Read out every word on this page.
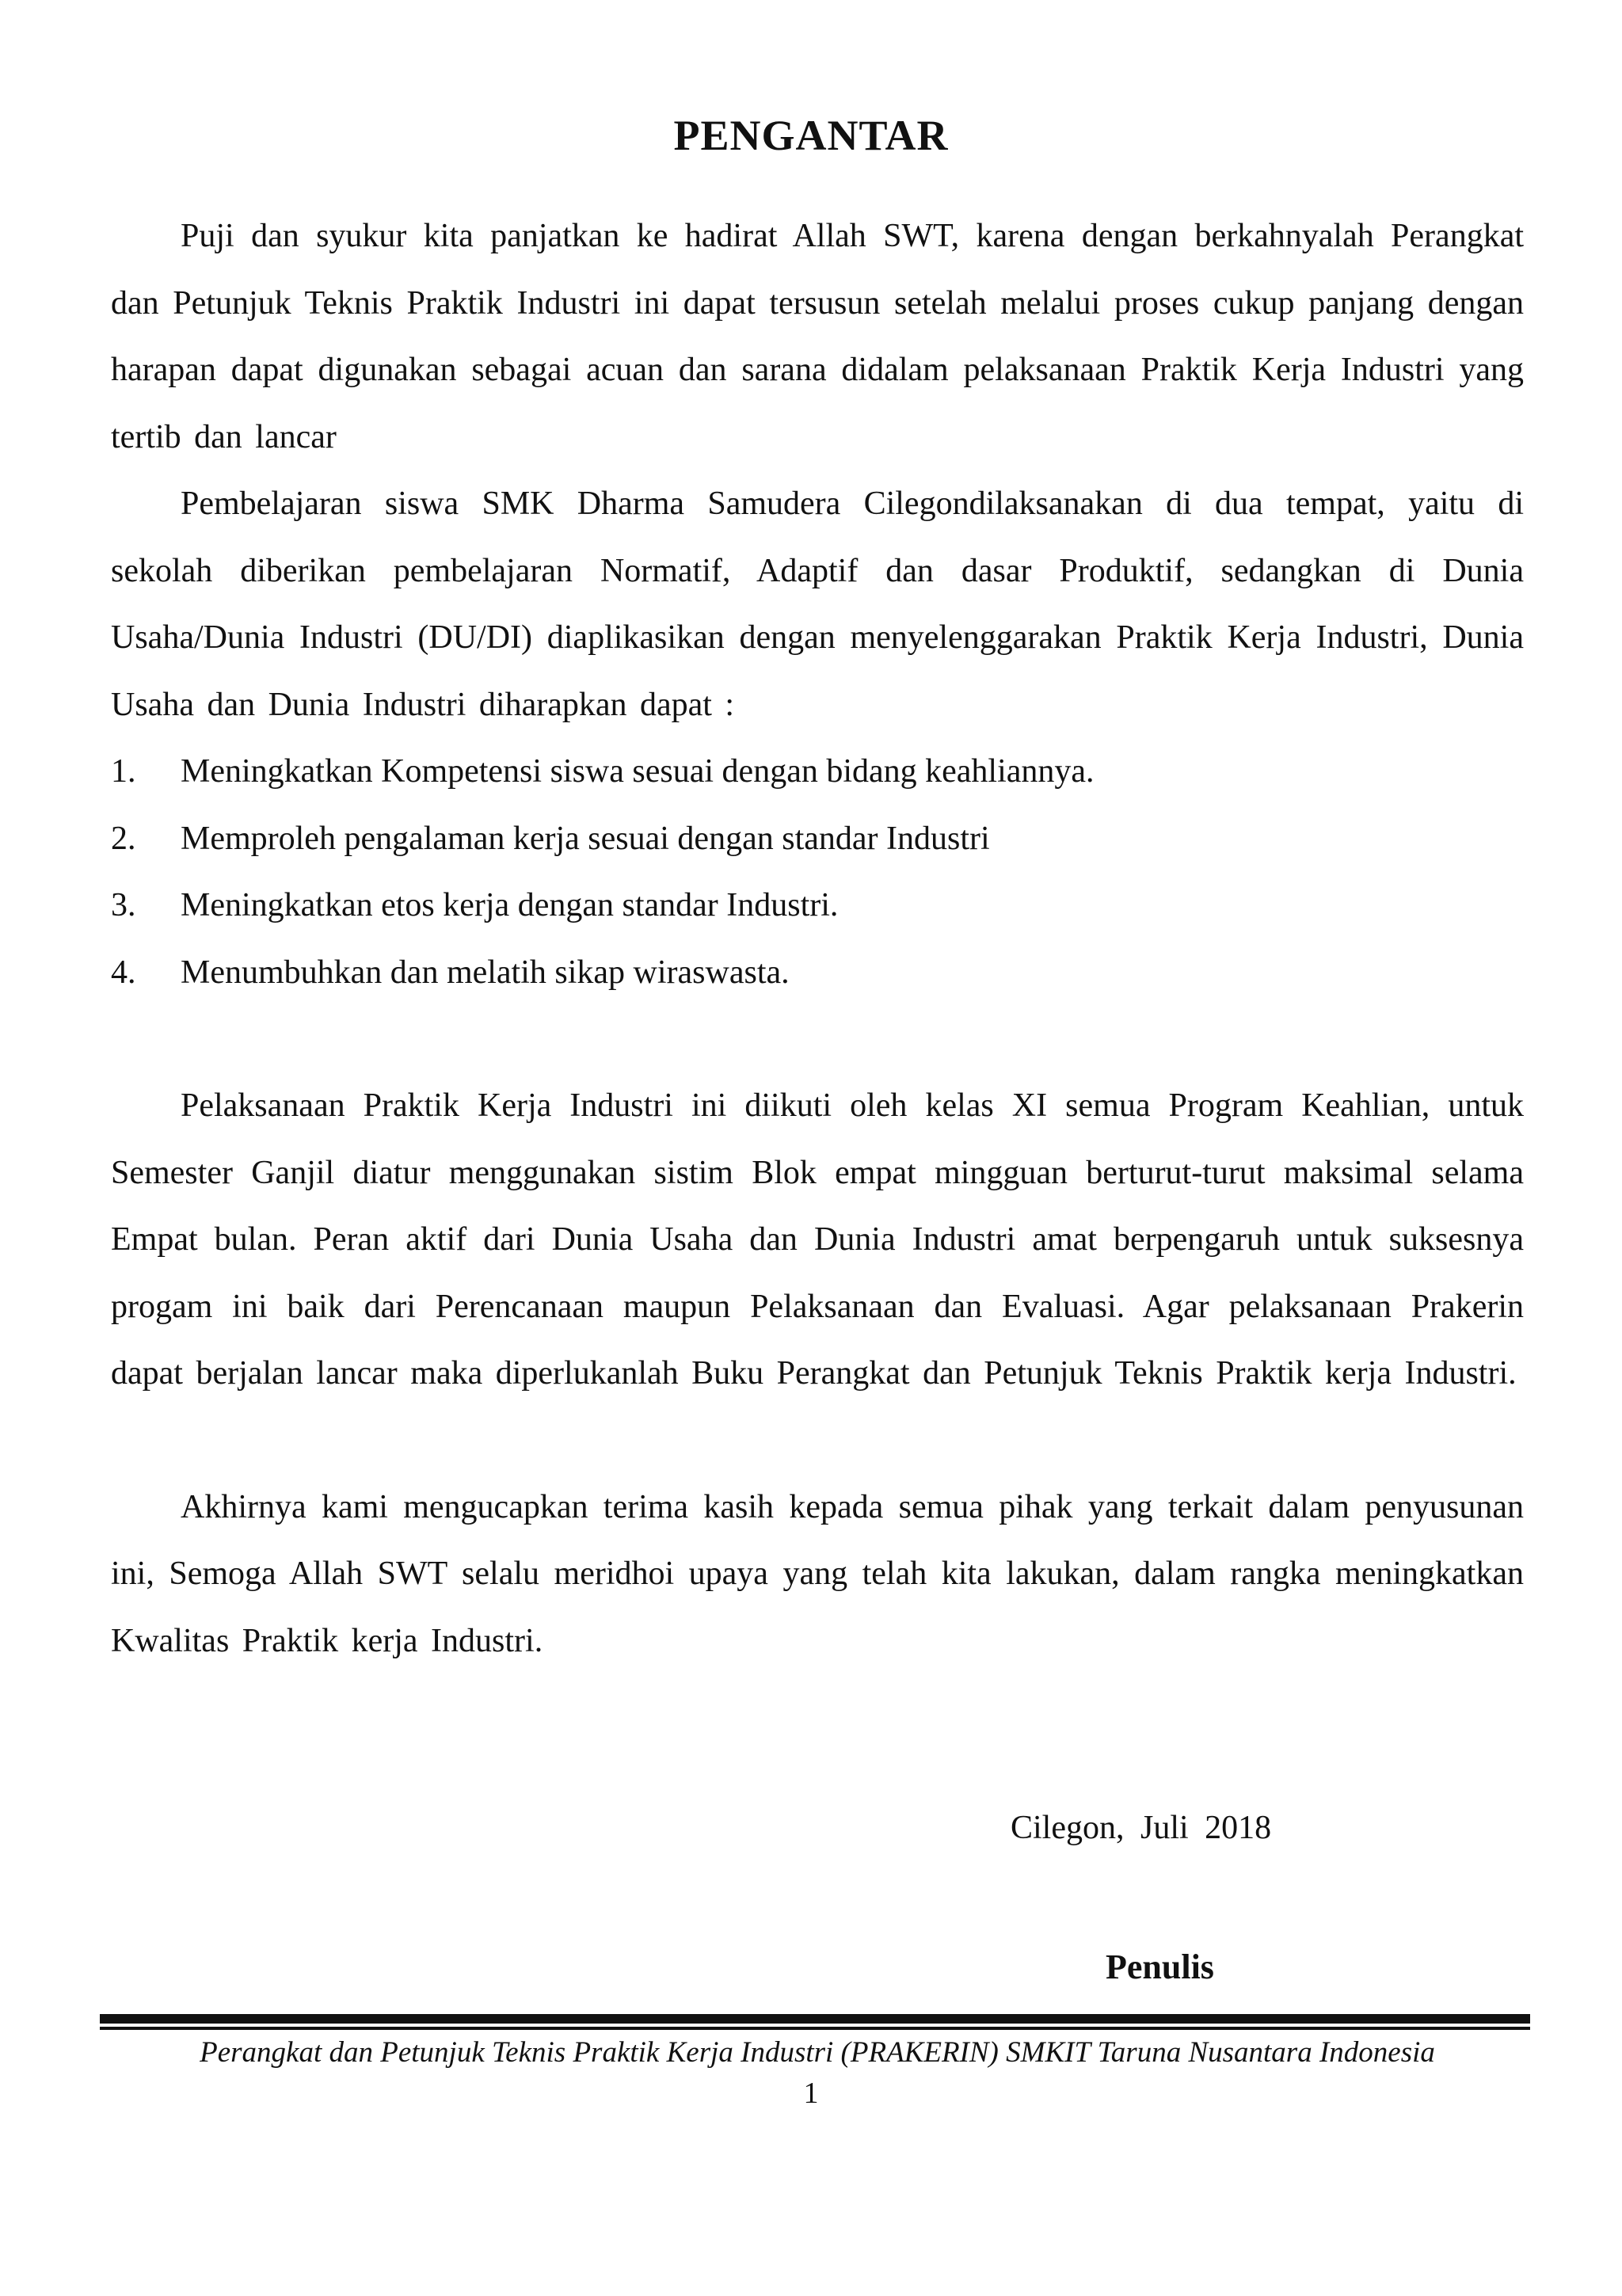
PENGANTAR

Puji dan syukur kita panjatkan ke hadirat Allah SWT, karena dengan berkahnyalah Perangkat dan Petunjuk Teknis Praktik Industri ini dapat tersusun setelah melalui proses cukup panjang dengan harapan dapat digunakan sebagai acuan dan sarana didalam pelaksanaan Praktik Kerja Industri yang tertib dan lancar

Pembelajaran siswa SMK Dharma Samudera Cilegondilaksanakan di dua tempat, yaitu di sekolah diberikan pembelajaran Normatif, Adaptif dan dasar Produktif, sedangkan di Dunia Usaha/Dunia Industri (DU/DI) diaplikasikan dengan menyelenggarakan Praktik Kerja Industri, Dunia Usaha dan Dunia Industri diharapkan dapat :

1.	Meningkatkan Kompetensi siswa sesuai dengan bidang keahliannya.
2.	Memproleh pengalaman kerja sesuai dengan standar Industri
3.	Meningkatkan etos kerja dengan standar Industri.
4.	Menumbuhkan dan melatih sikap wiraswasta.

Pelaksanaan Praktik Kerja Industri ini diikuti oleh kelas XI semua Program Keahlian, untuk Semester Ganjil diatur menggunakan sistim Blok empat mingguan berturut-turut maksimal selama Empat bulan. Peran aktif dari Dunia Usaha dan Dunia Industri amat berpengaruh untuk suksesnya progam ini baik dari Perencanaan maupun Pelaksanaan dan Evaluasi. Agar pelaksanaan Prakerin dapat berjalan lancar maka diperlukanlah Buku Perangkat dan Petunjuk Teknis Praktik kerja Industri.

Akhirnya kami mengucapkan terima kasih kepada semua pihak yang terkait dalam penyusunan ini, Semoga Allah SWT selalu meridhoi upaya yang telah kita lakukan, dalam rangka meningkatkan Kwalitas Praktik kerja Industri.

Cilegon, Juli 2018
Penulis
Perangkat dan Petunjuk Teknis Praktik Kerja Industri (PRAKERIN) SMKIT Taruna Nusantara Indonesia
1
